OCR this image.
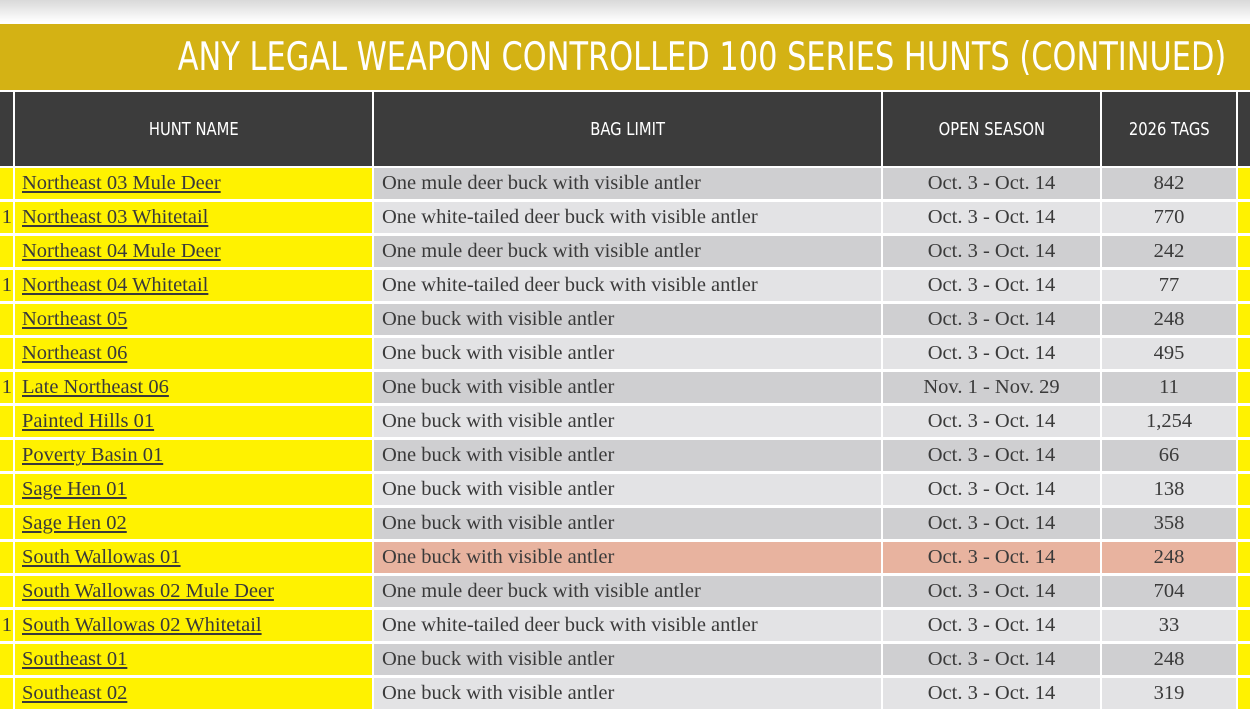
ANY LEGAL WEAPON CONTROLLED 100 SERIES HUNTS (CONTINUED)
HUNT NAME	BAG LIMIT	OPEN SEASON	2026 TAGS
Northeast 03 Mule Deer	One mule deer buck with visible antler	Oct. 3 - Oct. 14	842
1 Northeast 03 Whitetail	One white-tailed deer buck with visible antler	Oct. 3 - Oct. 14	770
Northeast 04 Mule Deer	One mule deer buck with visible antler	Oct. 3 - Oct. 14	242
1 Northeast 04 Whitetail	One white-tailed deer buck with visible antler	Oct. 3 - Oct. 14	77
Northeast 05	One buck with visible antler	Oct. 3 - Oct. 14	248
Northeast 06	One buck with visible antler	Oct. 3 - Oct. 14	495
1 Late Northeast 06	One buck with visible antler	Nov. 1 - Nov. 29	11
Painted Hills 01	One buck with visible antler	Oct. 3 - Oct. 14	1,254
Poverty Basin 01	One buck with visible antler	Oct. 3 - Oct. 14	66
Sage Hen 01	One buck with visible antler	Oct. 3 - Oct. 14	138
Sage Hen 02	One buck with visible antler	Oct. 3 - Oct. 14	358
South Wallowas 01	One buck with visible antler	Oct. 3 - Oct. 14	248
South Wallowas 02 Mule Deer	One mule deer buck with visible antler	Oct. 3 - Oct. 14	704
1 South Wallowas 02 Whitetail	One white-tailed deer buck with visible antler	Oct. 3 - Oct. 14	33
Southeast 01	One buck with visible antler	Oct. 3 - Oct. 14	248
Southeast 02	One buck with visible antler	Oct. 3 - Oct. 14	319
